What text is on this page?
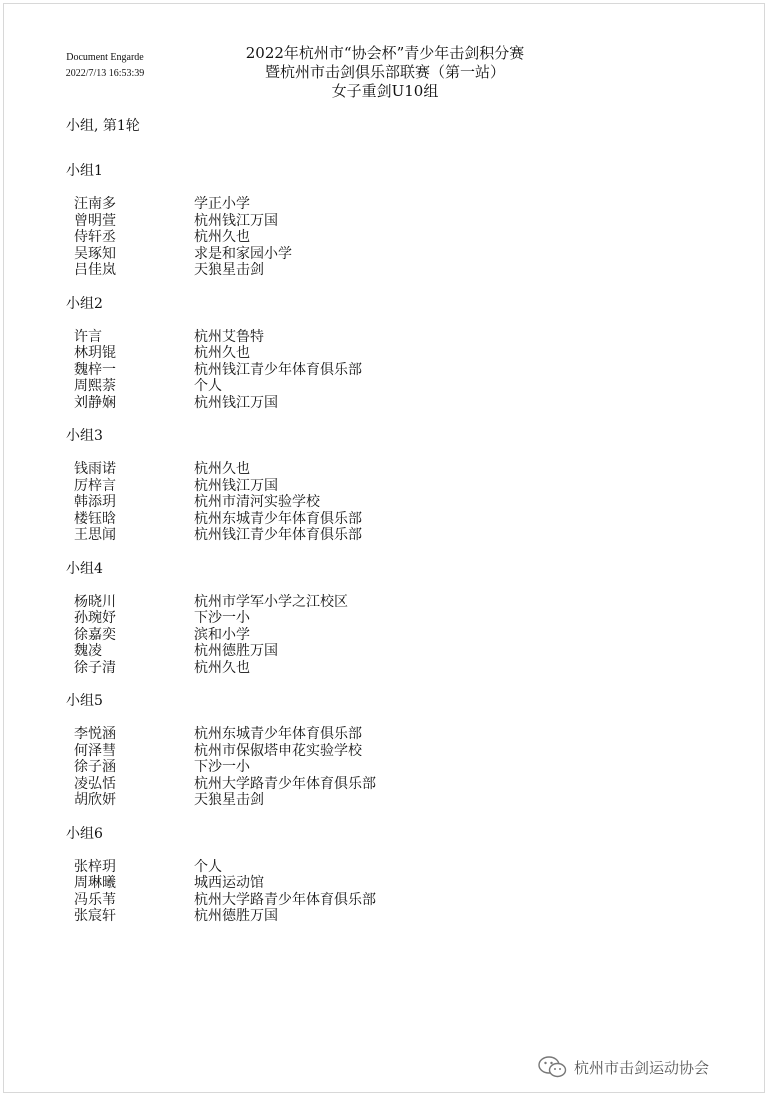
Document Engarde
2022/7/13 16:53:39
2022年杭州市“协会杯”青少年击剑积分赛
暨杭州市击剑俱乐部联赛（第一站）
女子重剑U10组
小组, 第1轮
小组1
汪南多	学正小学
曾明萱	杭州钱江万国
侍轩丞	杭州久也
吴琢知	求是和家园小学
吕佳岚	天狼星击剑
小组2
许言	杭州艾鲁特
林玥锟	杭州久也
魏梓一	杭州钱江青少年体育俱乐部
周熙萘	个人
刘静娴	杭州钱江万国
小组3
钱雨诺	杭州久也
厉梓言	杭州钱江万国
韩添玥	杭州市清河实验学校
楼钰晗	杭州东城青少年体育俱乐部
王思闻	杭州钱江青少年体育俱乐部
小组4
杨晓川	杭州市学军小学之江校区
孙琬妤	下沙一小
徐嘉奕	滨和小学
魏凌	杭州德胜万国
徐子清	杭州久也
小组5
李悦涵	杭州东城青少年体育俱乐部
何泽彗	杭州市保俶塔申花实验学校
徐子涵	下沙一小
凌弘恬	杭州大学路青少年体育俱乐部
胡欣妍	天狼星击剑
小组6
张梓玥	个人
周琳曦	城西运动馆
冯乐苇	杭州大学路青少年体育俱乐部
张宸轩	杭州德胜万国
杭州市击剑运动协会
